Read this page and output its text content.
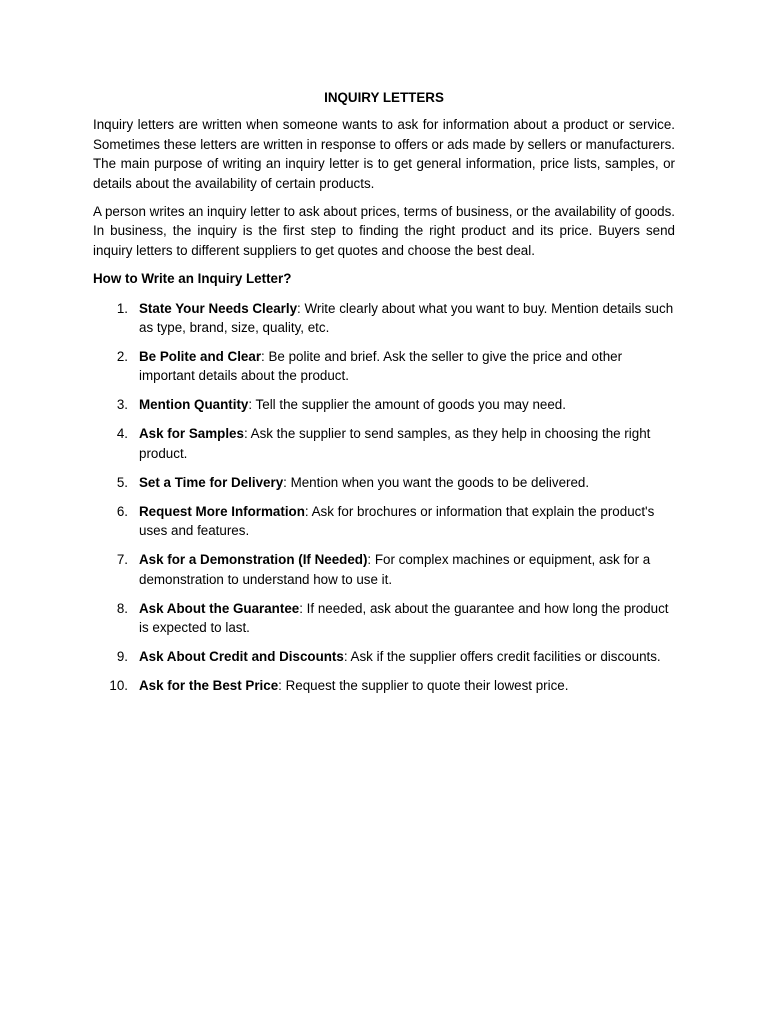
INQUIRY LETTERS

Inquiry letters are written when someone wants to ask for information about a product or service. Sometimes these letters are written in response to offers or ads made by sellers or manufacturers. The main purpose of writing an inquiry letter is to get general information, price lists, samples, or details about the availability of certain products.

A person writes an inquiry letter to ask about prices, terms of business, or the availability of goods. In business, the inquiry is the first step to finding the right product and its price. Buyers send inquiry letters to different suppliers to get quotes and choose the best deal.

How to Write an Inquiry Letter?
1. State Your Needs Clearly: Write clearly about what you want to buy. Mention details such as type, brand, size, quality, etc.
2. Be Polite and Clear: Be polite and brief. Ask the seller to give the price and other important details about the product.
3. Mention Quantity: Tell the supplier the amount of goods you may need.
4. Ask for Samples: Ask the supplier to send samples, as they help in choosing the right product.
5. Set a Time for Delivery: Mention when you want the goods to be delivered.
6. Request More Information: Ask for brochures or information that explain the product's uses and features.
7. Ask for a Demonstration (If Needed): For complex machines or equipment, ask for a demonstration to understand how to use it.
8. Ask About the Guarantee: If needed, ask about the guarantee and how long the product is expected to last.
9. Ask About Credit and Discounts: Ask if the supplier offers credit facilities or discounts.
10. Ask for the Best Price: Request the supplier to quote their lowest price.
